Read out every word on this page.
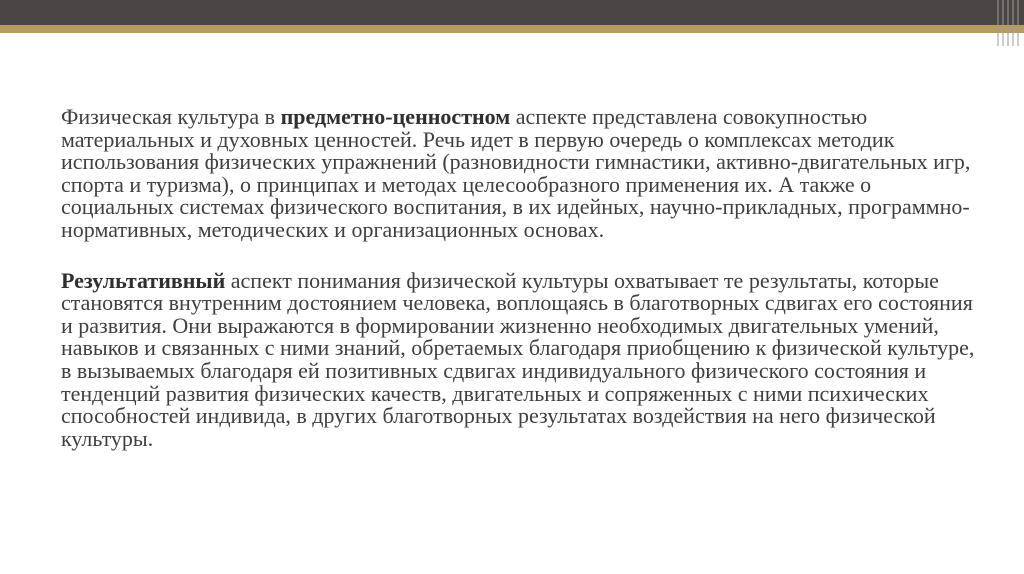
Физическая культура в предметно-ценностном аспекте представлена совокупностью материальных и духовных ценностей. Речь идет в первую очередь о комплексах методик использования физических упражнений (разновидности гимнастики, активно-двигательных игр, спорта и туризма), о принципах и методах целесообразного применения их. А также о социальных системах физического воспитания, в их идейных, научно-прикладных, программно-нормативных, методических и организационных основах.

Результативный аспект понимания физической культуры охватывает те результаты, которые становятся внутренним достоянием человека, воплощаясь в благотворных сдвигах его состояния и развития. Они выражаются в формировании жизненно необходимых двигательных умений, навыков и связанных с ними знаний, обретаемых благодаря приобщению к физической культуре, в вызываемых благодаря ей позитивных сдвигах индивидуального физического состояния и тенденций развития физических качеств, двигательных и сопряженных с ними психических способностей индивида, в других благотворных результатах воздействия на него физической культуры.
